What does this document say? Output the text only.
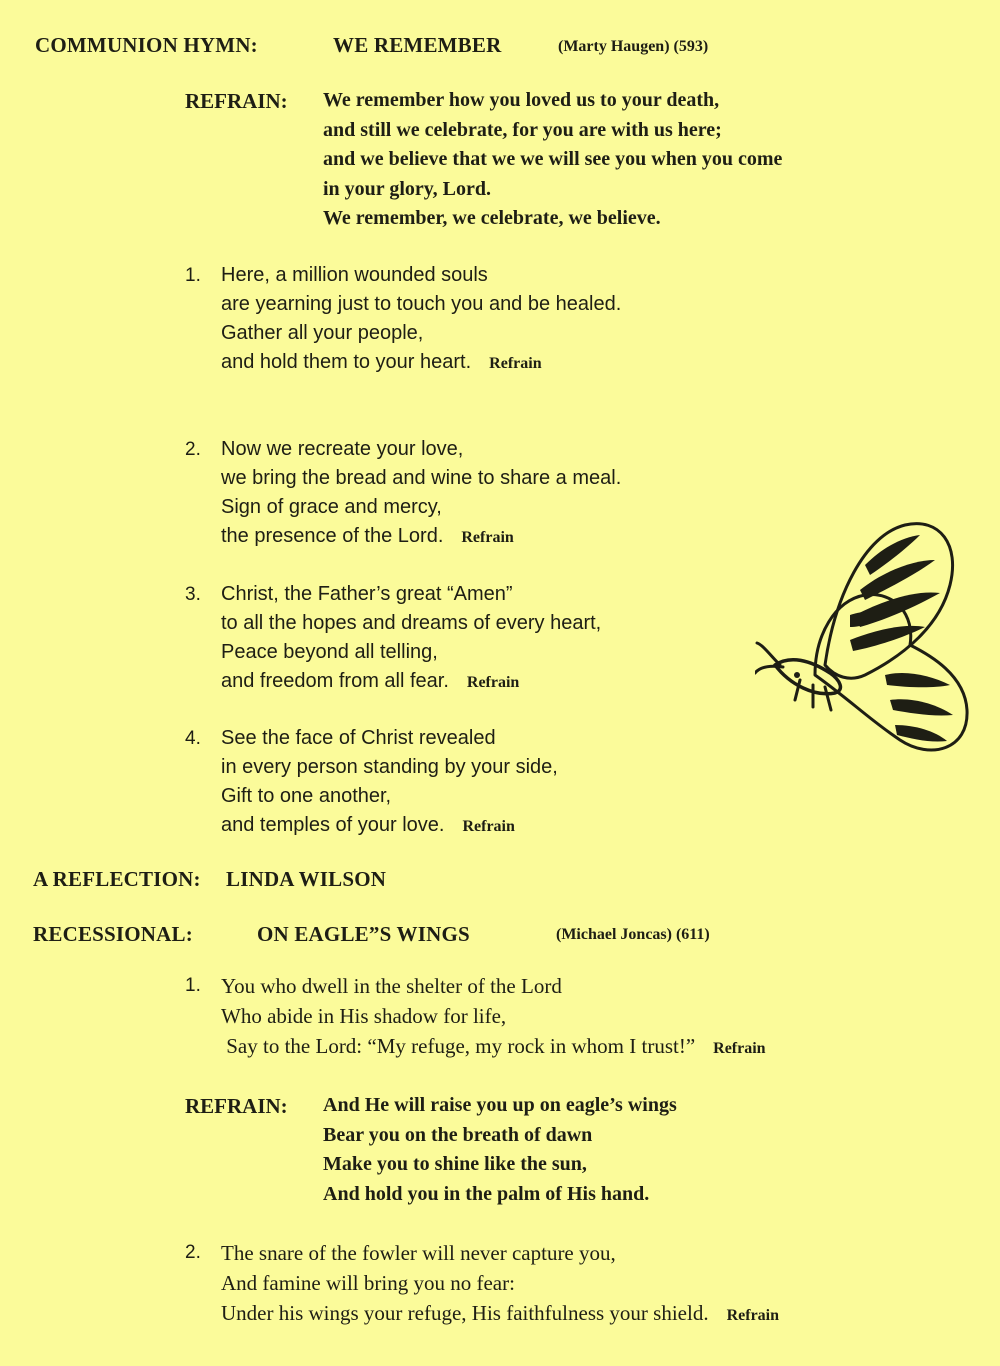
COMMUNION HYMN:	WE REMEMBER	(Marty Haugen) (593)
REFRAIN: We remember how you loved us to your death,
and still we celebrate, for you are with us here;
and we believe that we we will see you when you come
in your glory, Lord.
We remember, we celebrate, we believe.
1. Here, a million wounded souls
are yearning just to touch you and be healed.
Gather all your people,
and hold them to your heart. Refrain
2. Now we recreate your love,
we bring the bread and wine to share a meal.
Sign of grace and mercy,
the presence of the Lord. Refrain
3. Christ, the Father’s great “Amen”
to all the hopes and dreams of every heart,
Peace beyond all telling,
and freedom from all fear. Refrain
4. See the face of Christ revealed
in every person standing by your side,
Gift to one another,
and temples of your love. Refrain
A REFLECTION: LINDA WILSON
RECESSIONAL:	ON EAGLE”S WINGS	(Michael Joncas) (611)
1. You who dwell in the shelter of the Lord
Who abide in His shadow for life,
Say to the Lord: “My refuge, my rock in whom I trust!” Refrain
REFRAIN: And He will raise you up on eagle’s wings
Bear you on the breath of dawn
Make you to shine like the sun,
And hold you in the palm of His hand.
2. The snare of the fowler will never capture you,
And famine will bring you no fear:
Under his wings your refuge, His faithfulness your shield. Refrain
